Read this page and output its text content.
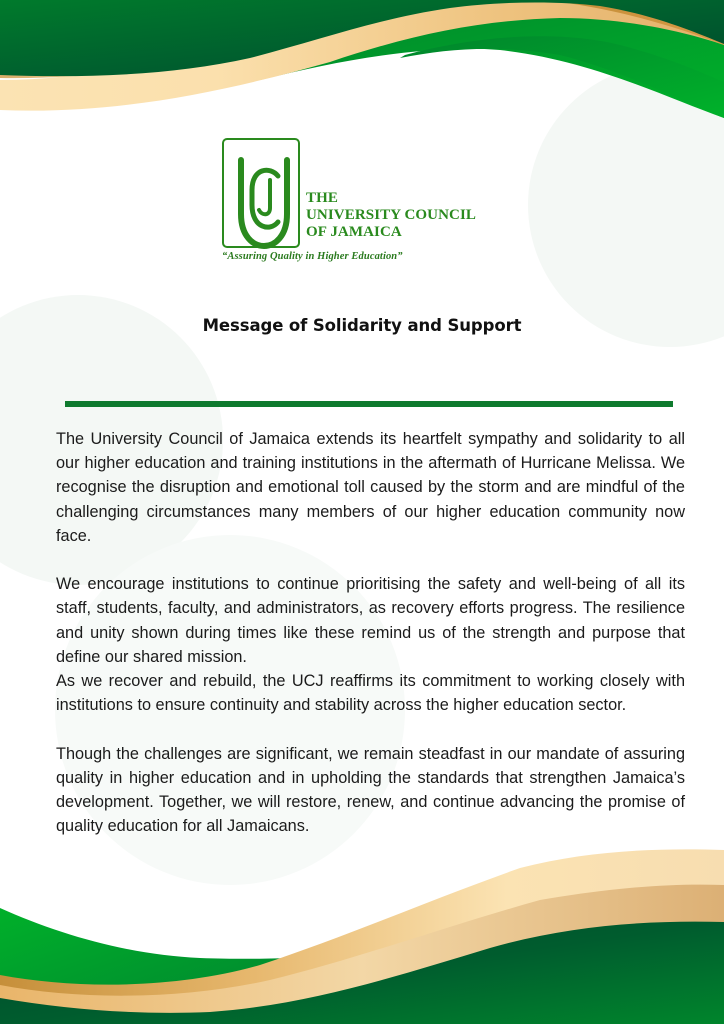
THE
UNIVERSITY COUNCIL
OF JAMAICA
“Assuring Quality in Higher Education”
Message of Solidarity and Support

The University Council of Jamaica extends its heartfelt sympathy and solidarity to all our higher education and training institutions in the aftermath of Hurricane Melissa. We recognise the disruption and emotional toll caused by the storm and are mindful of the challenging circumstances many members of our higher education community now face.

We encourage institutions to continue prioritising the safety and well-being of all its staff, students, faculty, and administrators, as recovery efforts progress. The resilience and unity shown during times like these remind us of the strength and purpose that define our shared mission.

As we recover and rebuild, the UCJ reaffirms its commitment to working closely with institutions to ensure continuity and stability across the higher education sector.

Though the challenges are significant, we remain steadfast in our mandate of assuring quality in higher education and in upholding the standards that strengthen Jamaica’s development. Together, we will restore, renew, and continue advancing the promise of quality education for all Jamaicans.
